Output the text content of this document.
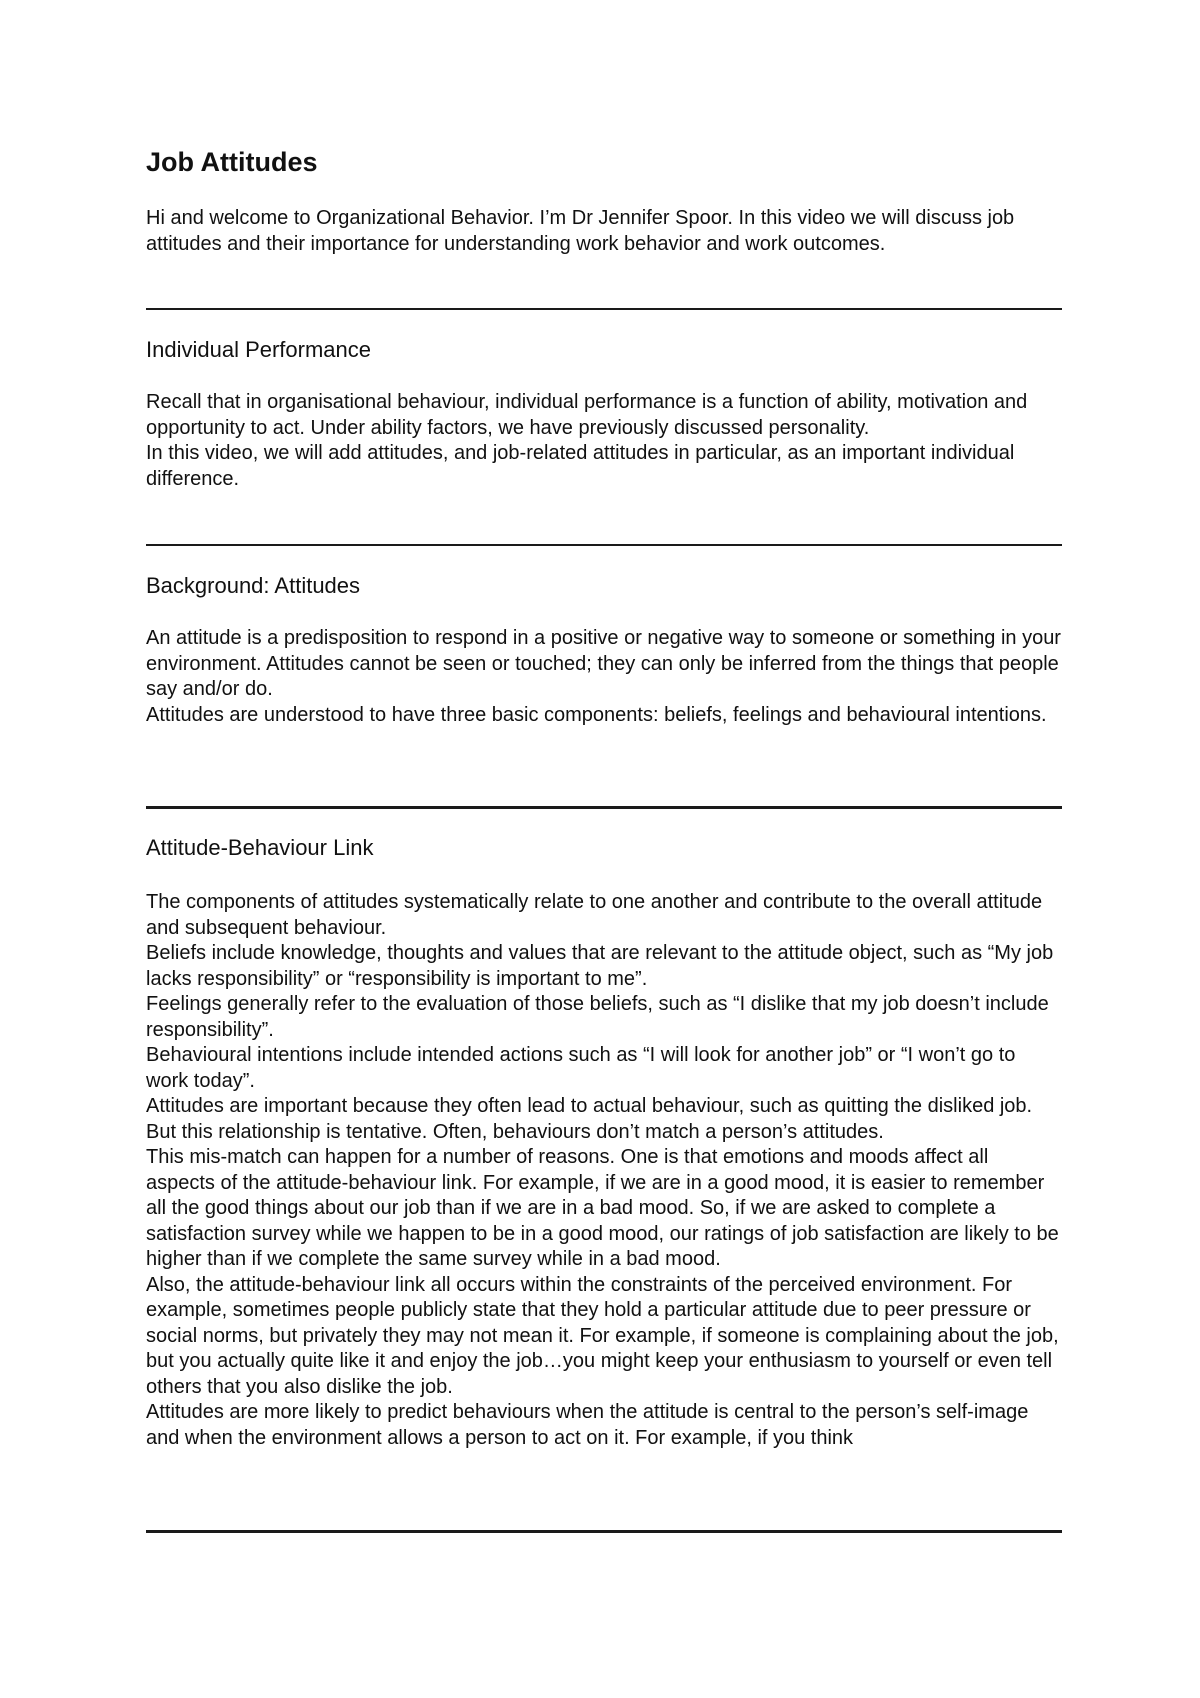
Job Attitudes

Hi and welcome to Organizational Behavior. I’m Dr Jennifer Spoor. In this video we will discuss job attitudes and their importance for understanding work behavior and work outcomes.

Individual Performance

Recall that in organisational behaviour, individual performance is a function of ability, motivation and opportunity to act. Under ability factors, we have previously discussed personality.

In this video, we will add attitudes, and job-related attitudes in particular, as an important individual difference.

Background: Attitudes

An attitude is a predisposition to respond in a positive or negative way to someone or something in your environment. Attitudes cannot be seen or touched; they can only be inferred from the things that people say and/or do.

Attitudes are understood to have three basic components: beliefs, feelings and behavioural intentions.

Attitude-Behaviour Link

The components of attitudes systematically relate to one another and contribute to the overall attitude and subsequent behaviour.

Beliefs include knowledge, thoughts and values that are relevant to the attitude object, such as “My job lacks responsibility” or “responsibility is important to me”.

Feelings generally refer to the evaluation of those beliefs, such as “I dislike that my job doesn’t include responsibility”.

Behavioural intentions include intended actions such as “I will look for another job” or “I won’t go to work today”.

Attitudes are important because they often lead to actual behaviour, such as quitting the disliked job. But this relationship is tentative. Often, behaviours don’t match a person’s attitudes.

This mis-match can happen for a number of reasons. One is that emotions and moods affect all aspects of the attitude-behaviour link. For example, if we are in a good mood, it is easier to remember all the good things about our job than if we are in a bad mood. So, if we are asked to complete a satisfaction survey while we happen to be in a good mood, our ratings of job satisfaction are likely to be higher than if we complete the same survey while in a bad mood.

Also, the attitude-behaviour link all occurs within the constraints of the perceived environment. For example, sometimes people publicly state that they hold a particular attitude due to peer pressure or social norms, but privately they may not mean it. For example, if someone is complaining about the job, but you actually quite like it and enjoy the job…you might keep your enthusiasm to yourself or even tell others that you also dislike the job.

Attitudes are more likely to predict behaviours when the attitude is central to the person’s self-image and when the environment allows a person to act on it. For example, if you think
